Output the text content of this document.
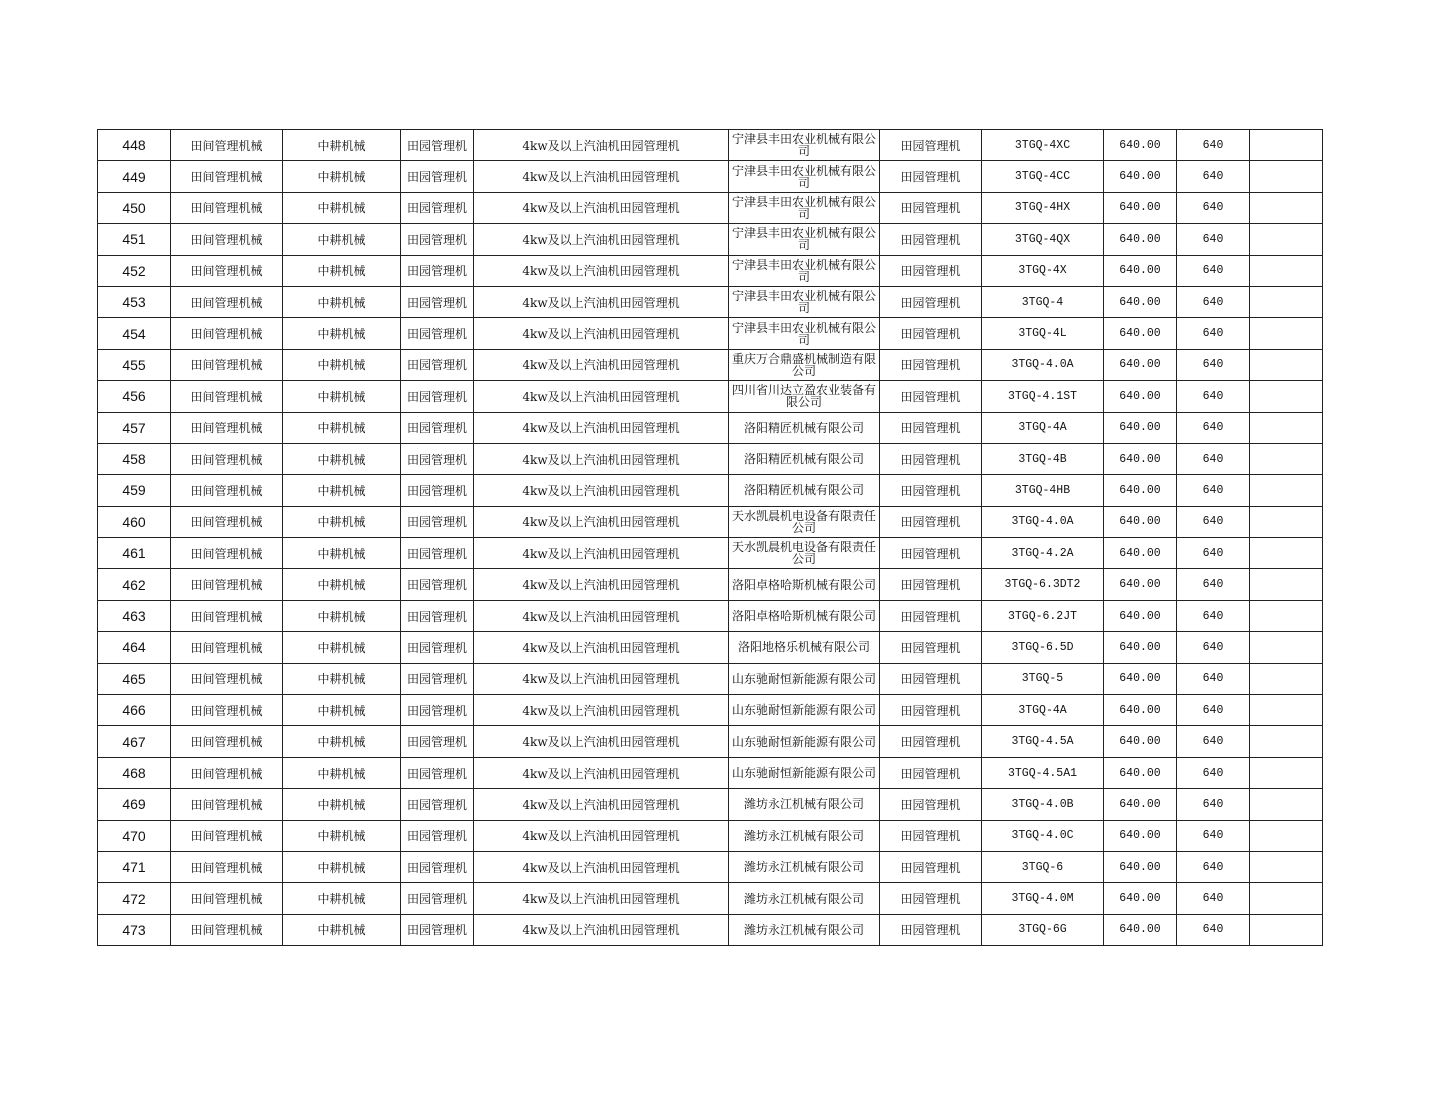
448	田间管理机械	中耕机械	田园管理机	4kw及以上汽油机田园管理机	宁津县丰田农业机械有限公司	田园管理机	3TGQ-4XC	640.00	640	
449	田间管理机械	中耕机械	田园管理机	4kw及以上汽油机田园管理机	宁津县丰田农业机械有限公司	田园管理机	3TGQ-4CC	640.00	640	
450	田间管理机械	中耕机械	田园管理机	4kw及以上汽油机田园管理机	宁津县丰田农业机械有限公司	田园管理机	3TGQ-4HX	640.00	640	
451	田间管理机械	中耕机械	田园管理机	4kw及以上汽油机田园管理机	宁津县丰田农业机械有限公司	田园管理机	3TGQ-4QX	640.00	640	
452	田间管理机械	中耕机械	田园管理机	4kw及以上汽油机田园管理机	宁津县丰田农业机械有限公司	田园管理机	3TGQ-4X	640.00	640	
453	田间管理机械	中耕机械	田园管理机	4kw及以上汽油机田园管理机	宁津县丰田农业机械有限公司	田园管理机	3TGQ-4	640.00	640	
454	田间管理机械	中耕机械	田园管理机	4kw及以上汽油机田园管理机	宁津县丰田农业机械有限公司	田园管理机	3TGQ-4L	640.00	640	
455	田间管理机械	中耕机械	田园管理机	4kw及以上汽油机田园管理机	重庆万合鼎盛机械制造有限公司	田园管理机	3TGQ-4.0A	640.00	640	
456	田间管理机械	中耕机械	田园管理机	4kw及以上汽油机田园管理机	四川省川达立盈农业装备有限公司	田园管理机	3TGQ-4.1ST	640.00	640	
457	田间管理机械	中耕机械	田园管理机	4kw及以上汽油机田园管理机	洛阳精匠机械有限公司	田园管理机	3TGQ-4A	640.00	640	
458	田间管理机械	中耕机械	田园管理机	4kw及以上汽油机田园管理机	洛阳精匠机械有限公司	田园管理机	3TGQ-4B	640.00	640	
459	田间管理机械	中耕机械	田园管理机	4kw及以上汽油机田园管理机	洛阳精匠机械有限公司	田园管理机	3TGQ-4HB	640.00	640	
460	田间管理机械	中耕机械	田园管理机	4kw及以上汽油机田园管理机	天水凯晨机电设备有限责任公司	田园管理机	3TGQ-4.0A	640.00	640	
461	田间管理机械	中耕机械	田园管理机	4kw及以上汽油机田园管理机	天水凯晨机电设备有限责任公司	田园管理机	3TGQ-4.2A	640.00	640	
462	田间管理机械	中耕机械	田园管理机	4kw及以上汽油机田园管理机	洛阳卓格哈斯机械有限公司	田园管理机	3TGQ-6.3DT2	640.00	640	
463	田间管理机械	中耕机械	田园管理机	4kw及以上汽油机田园管理机	洛阳卓格哈斯机械有限公司	田园管理机	3TGQ-6.2JT	640.00	640	
464	田间管理机械	中耕机械	田园管理机	4kw及以上汽油机田园管理机	洛阳地格乐机械有限公司	田园管理机	3TGQ-6.5D	640.00	640	
465	田间管理机械	中耕机械	田园管理机	4kw及以上汽油机田园管理机	山东驰耐恒新能源有限公司	田园管理机	3TGQ-5	640.00	640	
466	田间管理机械	中耕机械	田园管理机	4kw及以上汽油机田园管理机	山东驰耐恒新能源有限公司	田园管理机	3TGQ-4A	640.00	640	
467	田间管理机械	中耕机械	田园管理机	4kw及以上汽油机田园管理机	山东驰耐恒新能源有限公司	田园管理机	3TGQ-4.5A	640.00	640	
468	田间管理机械	中耕机械	田园管理机	4kw及以上汽油机田园管理机	山东驰耐恒新能源有限公司	田园管理机	3TGQ-4.5A1	640.00	640	
469	田间管理机械	中耕机械	田园管理机	4kw及以上汽油机田园管理机	潍坊永江机械有限公司	田园管理机	3TGQ-4.0B	640.00	640	
470	田间管理机械	中耕机械	田园管理机	4kw及以上汽油机田园管理机	潍坊永江机械有限公司	田园管理机	3TGQ-4.0C	640.00	640	
471	田间管理机械	中耕机械	田园管理机	4kw及以上汽油机田园管理机	潍坊永江机械有限公司	田园管理机	3TGQ-6	640.00	640	
472	田间管理机械	中耕机械	田园管理机	4kw及以上汽油机田园管理机	潍坊永江机械有限公司	田园管理机	3TGQ-4.0M	640.00	640	
473	田间管理机械	中耕机械	田园管理机	4kw及以上汽油机田园管理机	潍坊永江机械有限公司	田园管理机	3TGQ-6G	640.00	640	
